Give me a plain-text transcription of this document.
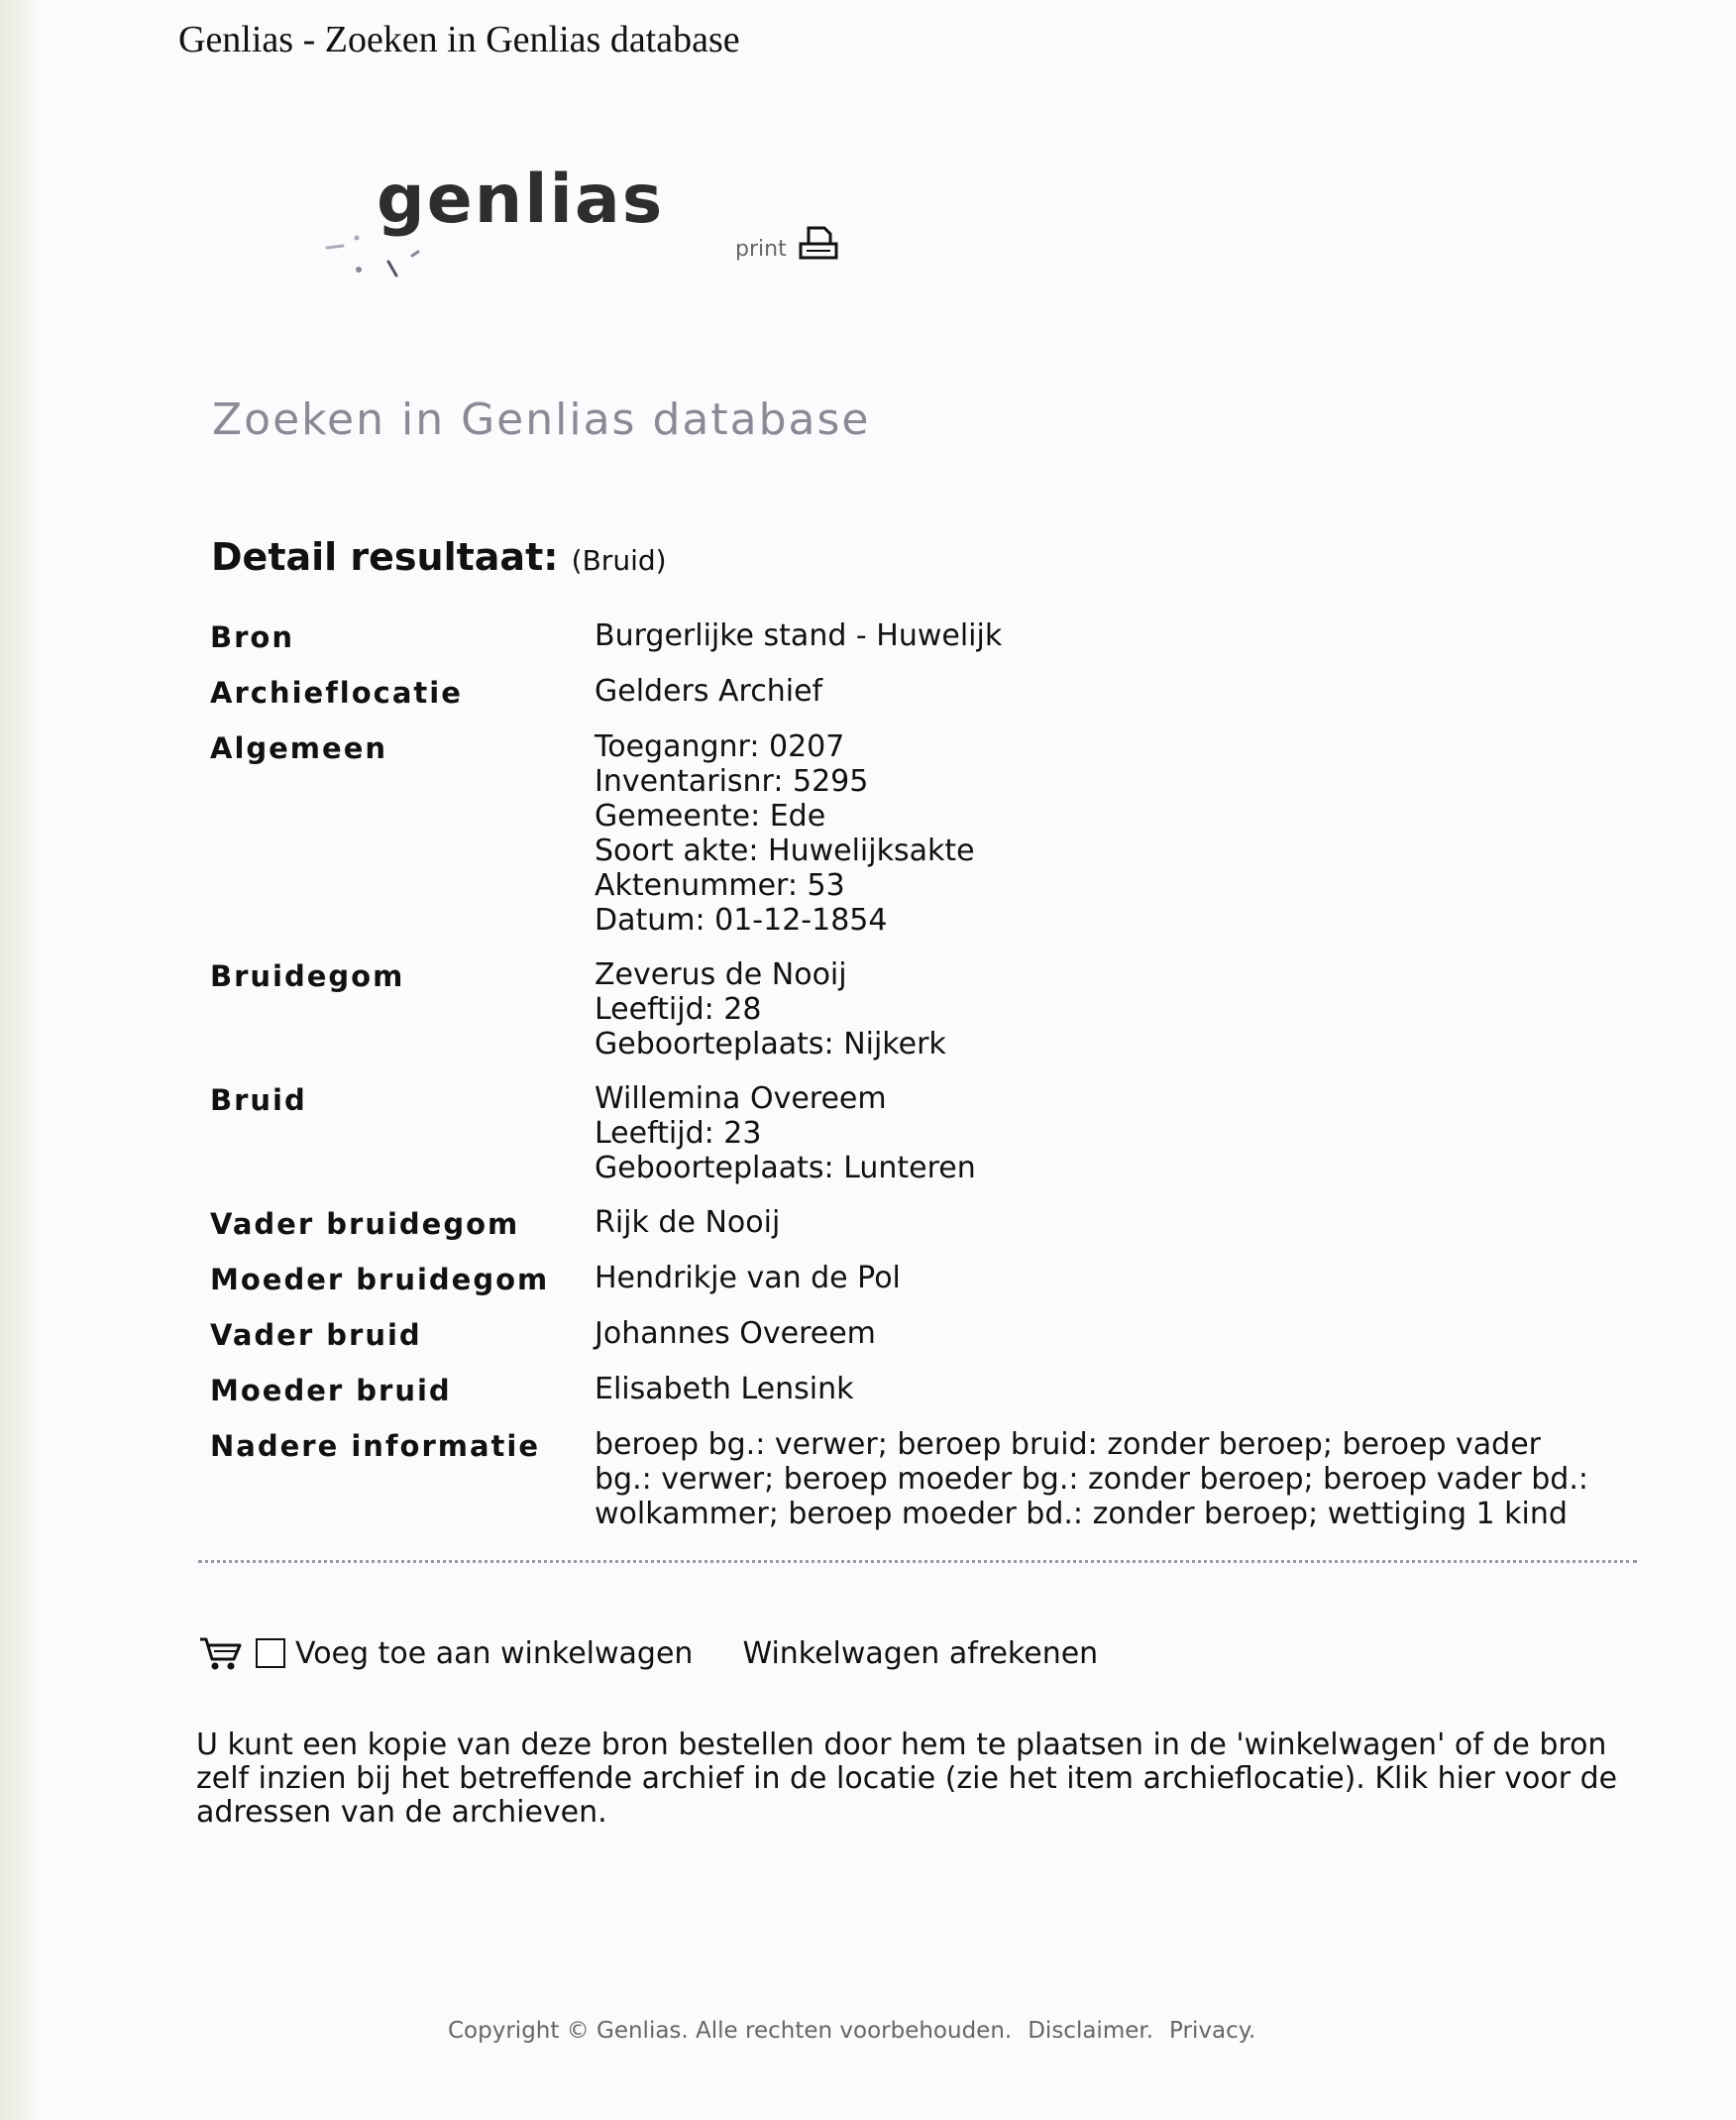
Genlias - Zoeken in Genlias database
genlias
print
Zoeken in Genlias database
Detail resultaat: (Bruid)
Bron	Burgerlijke stand - Huwelijk
Archieflocatie	Gelders Archief
Algemeen	Toegangnr: 0207
Inventarisnr: 5295
Gemeente: Ede
Soort akte: Huwelijksakte
Aktenummer: 53
Datum: 01-12-1854
Bruidegom	Zeverus de Nooij
Leeftijd: 28
Geboorteplaats: Nijkerk
Bruid	Willemina Overeem
Leeftijd: 23
Geboorteplaats: Lunteren
Vader bruidegom	Rijk de Nooij
Moeder bruidegom	Hendrikje van de Pol
Vader bruid	Johannes Overeem
Moeder bruid	Elisabeth Lensink
Nadere informatie	beroep bg.: verwer; beroep bruid: zonder beroep; beroep vader
bg.: verwer; beroep moeder bg.: zonder beroep; beroep vader bd.:
wolkammer; beroep moeder bd.: zonder beroep; wettiging 1 kind
Voeg toe aan winkelwagen Winkelwagen afrekenen
U kunt een kopie van deze bron bestellen door hem te plaatsen in de 'winkelwagen' of de bron zelf inzien bij het betreffende archief in de locatie (zie het item archieflocatie). Klik hier voor de adressen van de archieven.
Copyright © Genlias. Alle rechten voorbehouden. Disclaimer. Privacy.
